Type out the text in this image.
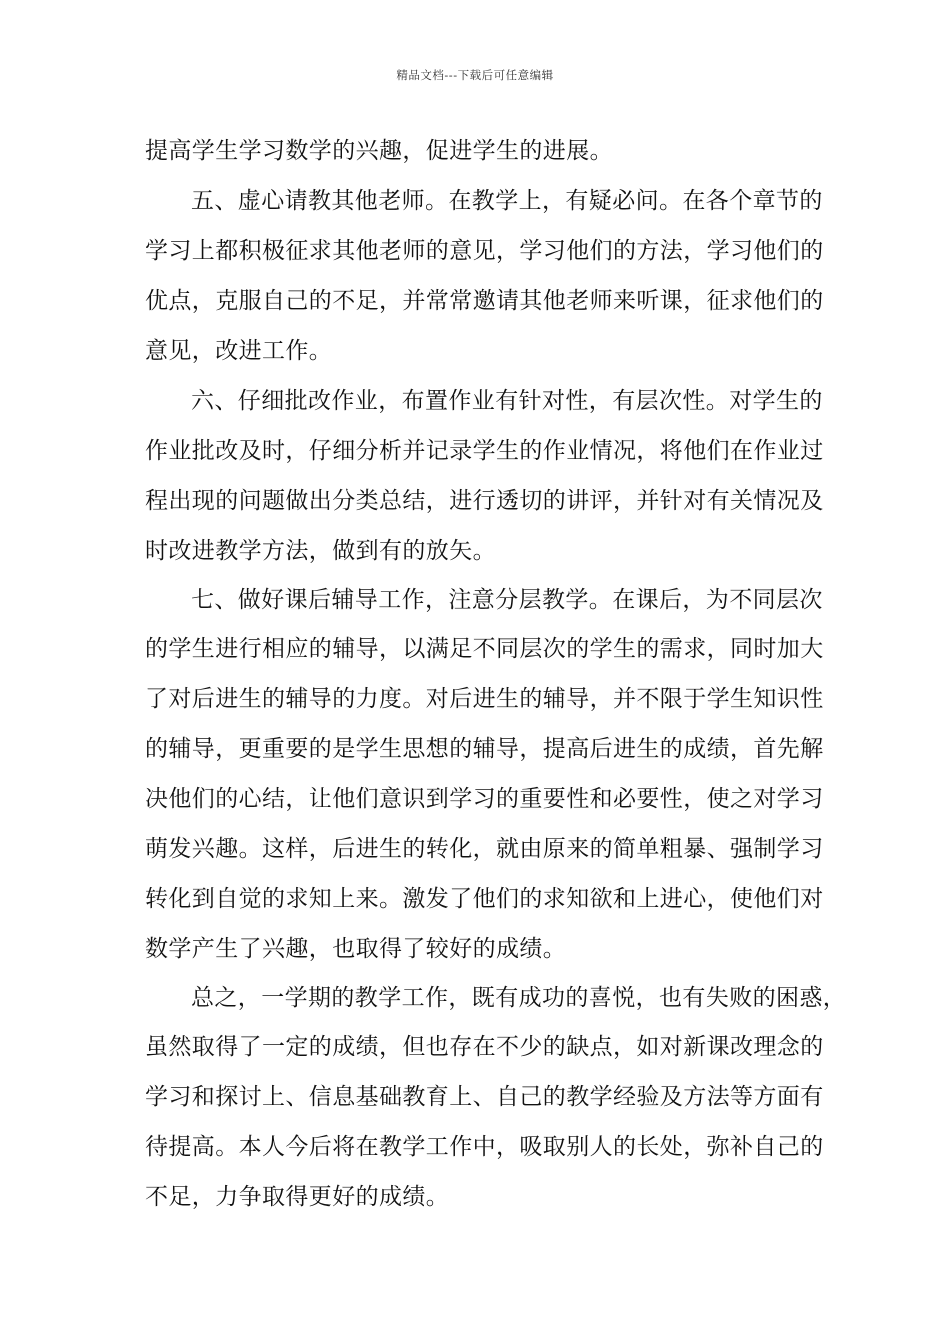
精品文档---下载后可任意编辑
提高学生学习数学的兴趣，促进学生的进展。
五、虚心请教其他老师。在教学上，有疑必问。在各个章节的
学习上都积极征求其他老师的意见，学习他们的方法，学习他们的
优点，克服自己的不足，并常常邀请其他老师来听课，征求他们的
意见，改进工作。
六、仔细批改作业，布置作业有针对性，有层次性。对学生的
作业批改及时，仔细分析并记录学生的作业情况，将他们在作业过
程出现的问题做出分类总结，进行透切的讲评，并针对有关情况及
时改进教学方法，做到有的放矢。
七、做好课后辅导工作，注意分层教学。在课后，为不同层次
的学生进行相应的辅导，以满足不同层次的学生的需求，同时加大
了对后进生的辅导的力度。对后进生的辅导，并不限于学生知识性
的辅导，更重要的是学生思想的辅导，提高后进生的成绩，首先解
决他们的心结，让他们意识到学习的重要性和必要性，使之对学习
萌发兴趣。这样，后进生的转化，就由原来的简单粗暴、强制学习
转化到自觉的求知上来。激发了他们的求知欲和上进心，使他们对
数学产生了兴趣，也取得了较好的成绩。
总之，一学期的教学工作，既有成功的喜悦，也有失败的困惑，
虽然取得了一定的成绩，但也存在不少的缺点，如对新课改理念的
学习和探讨上、信息基础教育上、自己的教学经验及方法等方面有
待提高。本人今后将在教学工作中，吸取别人的长处，弥补自己的
不足，力争取得更好的成绩。
